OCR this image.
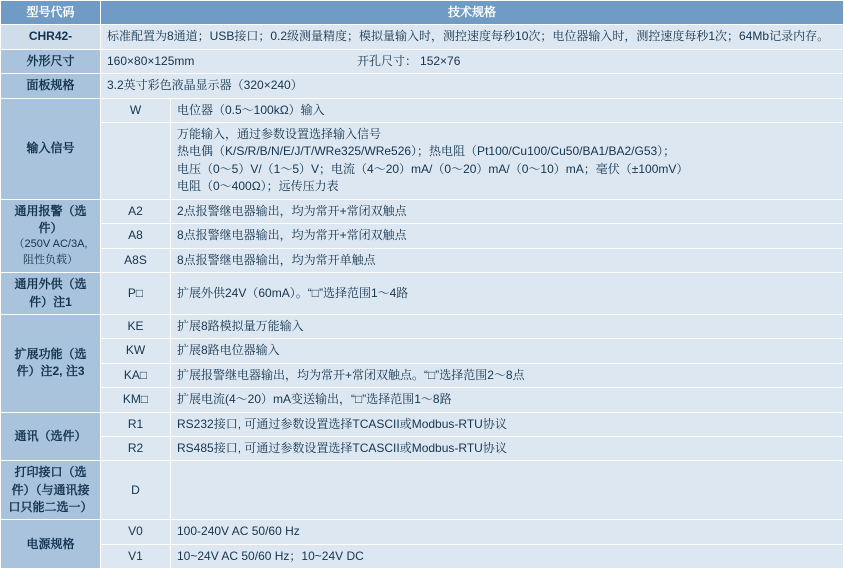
型号代码	技术规格	
CHR42-	标准配置为8通道；USB接口；0.2级测量精度；模拟量输入时，测控速度每秒10次；电位器输入时，测控速度每秒1次；64Mb记录内存。	
外形尺寸	160×80×125mm 开孔尺寸： 152×76	

面板规格	3.2英寸彩色液晶显示器（320×240）	
输入信号	W	电位器（0.5～100kΩ）输入

		万能输入，通过参数设置选择输入信号
热电偶（K/S/R/B/N/E/J/T/WRe325/WRe526）；热电阻（Pt100/Cu100/Cu50/BA1/BA2/G53）；
电压（0～5）V/（1～5）V；电流（4～20）mA/（0～20）mA/（0～10）mA；毫伏（±100mV）
电阻（0～400Ω）；远传压力表

通用报警（选件）
（250V AC/3A, 阻性负载）	A2	2点报警继电器输出，均为常开+常闭双触点
	A8	8点报警继电器输出，均为常开+常闭双触点
	A8S	8点报警继电器输出，均为常开单触点
通用外供（选件）注1	P□	扩展外供24V（60mA）。“□”选择范围1～4路
扩展功能（选件）注2, 注3	KE	扩展8路模拟量万能输入
	KW	扩展8路电位器输入
	KA□	扩展报警继电器输出，均为常开+常闭双触点。“□”选择范围2～8点
	KM□	扩展电流(4～20）mA变送输出，“□”选择范围1～8路
通讯（选件）	R1	RS232接口, 可通过参数设置选择TCASCII或Modbus-RTU协议
	R2	RS485接口, 可通过参数设置选择TCASCII或Modbus-RTU协议
打印接口（选件）（与通讯接口只能二选一）	D	
电源规格	V0	100-240V AC 50/60 Hz
	V1	10~24V AC 50/60 Hz；10~24V DC
